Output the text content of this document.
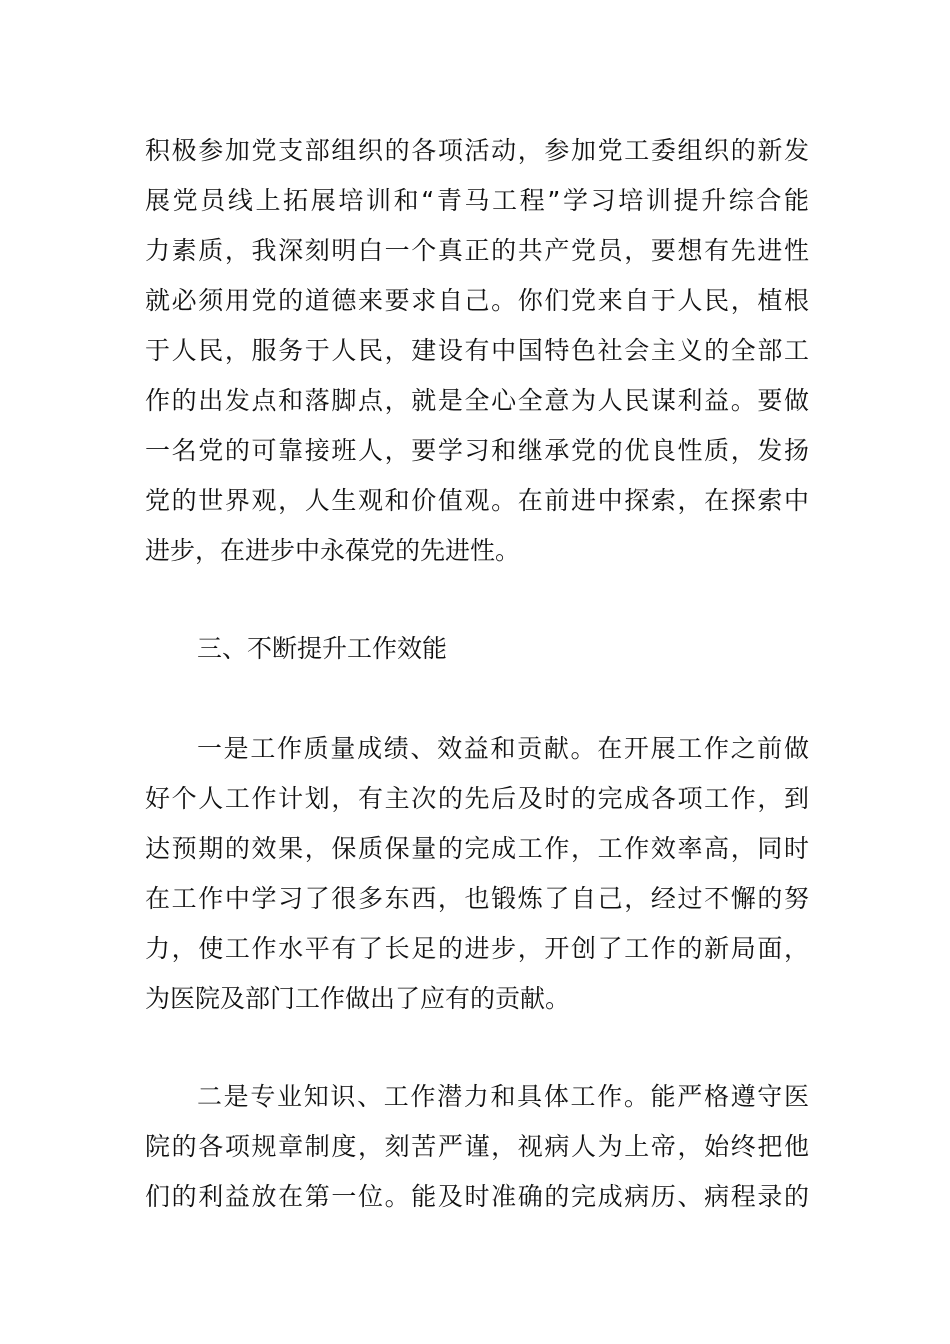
积极参加党支部组织的各项活动，参加党工委组织的新发
展党员线上拓展培训和“青马工程”学习培训提升综合能
力素质，我深刻明白一个真正的共产党员，要想有先进性
就必须用党的道德来要求自己。你们党来自于人民，植根
于人民，服务于人民，建设有中国特色社会主义的全部工
作的出发点和落脚点，就是全心全意为人民谋利益。要做
一名党的可靠接班人，要学习和继承党的优良性质，发扬
党的世界观，人生观和价值观。在前进中探索，在探索中
进步，在进步中永葆党的先进性。
三、不断提升工作效能
一是工作质量成绩、效益和贡献。在开展工作之前做
好个人工作计划，有主次的先后及时的完成各项工作，到
达预期的效果，保质保量的完成工作，工作效率高，同时
在工作中学习了很多东西，也锻炼了自己，经过不懈的努
力，使工作水平有了长足的进步，开创了工作的新局面，
为医院及部门工作做出了应有的贡献。
二是专业知识、工作潜力和具体工作。能严格遵守医
院的各项规章制度，刻苦严谨，视病人为上帝，始终把他
们的利益放在第一位。能及时准确的完成病历、病程录的
